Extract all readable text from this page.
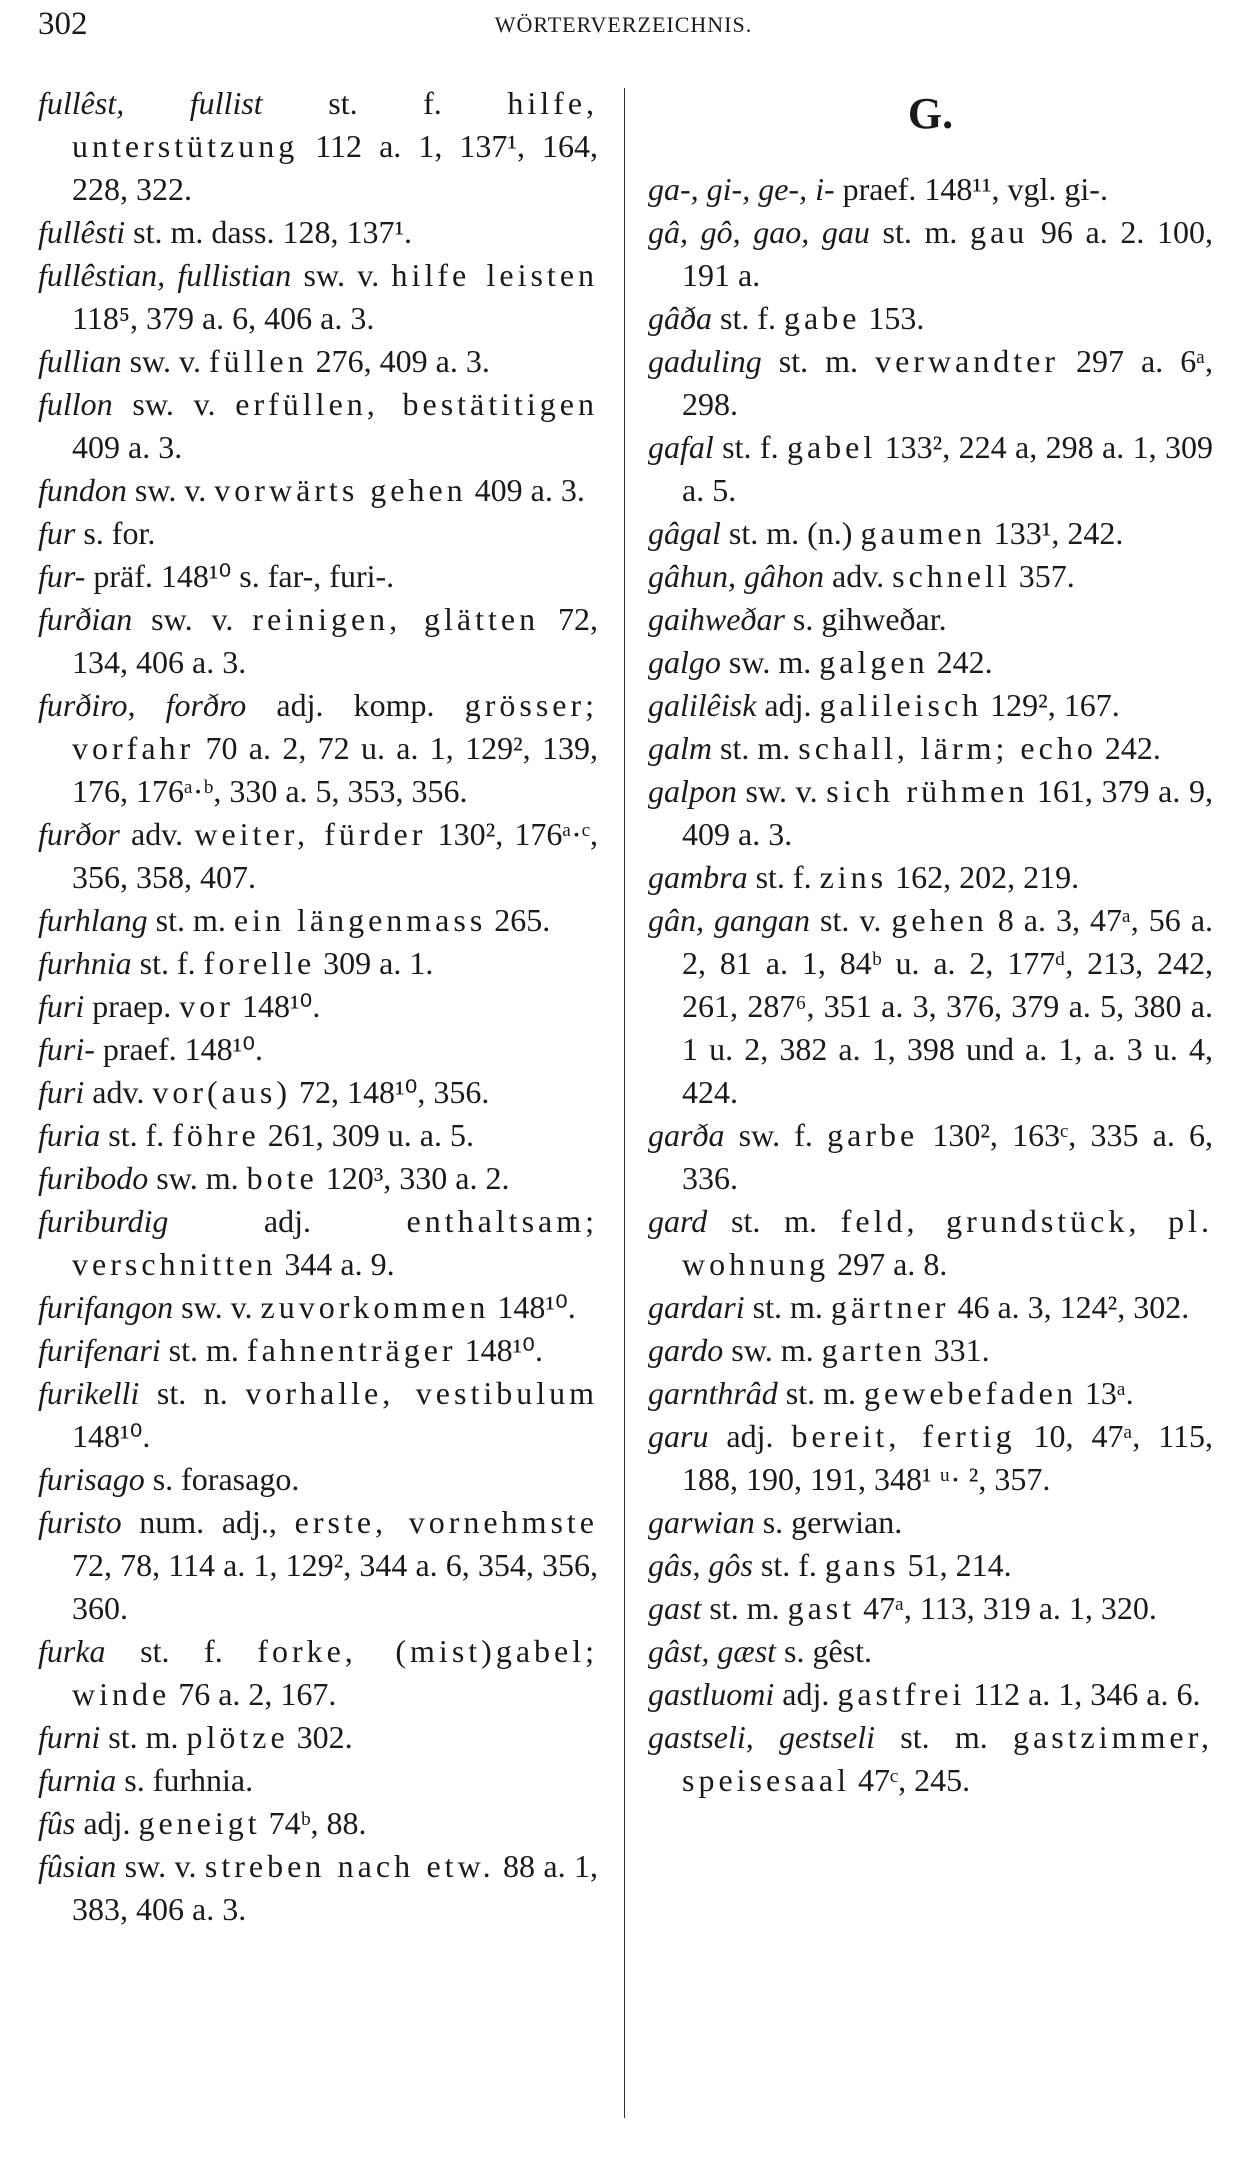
302	WÖRTERVERZEICHNIS.

fullêst, fullist st. f. hilfe, unterstützung 112 a. 1, 137¹, 164, 228, 322.

fullêsti st. m. dass. 128, 137¹.

fullêstian, fullistian sw. v. hilfe leisten 118⁵, 379 a. 6, 406 a. 3.

fullian sw. v. füllen 276, 409 a. 3.

fullon sw. v. erfüllen, bestätitigen 409 a. 3.

fundon sw. v. vorwärts gehen 409 a. 3.

fur s. for.

fur- präf. 148¹⁰ s. far-, furi-.

furðian sw. v. reinigen, glätten 72, 134, 406 a. 3.

furðiro, forðro adj. komp. grösser; vorfahr 70 a. 2, 72 u. a. 1, 129², 139, 176, 176ᵃ·ᵇ, 330 a. 5, 353, 356.

furðor adv. weiter, fürder 130², 176ᵃ·ᶜ, 356, 358, 407.

furhlang st. m. ein längenmass 265.

furhnia st. f. forelle 309 a. 1.

furi praep. vor 148¹⁰.

furi- praef. 148¹⁰.

furi adv. vor(aus) 72, 148¹⁰, 356.

furia st. f. föhre 261, 309 u. a. 5.

furibodo sw. m. bote 120³, 330 a. 2.

furiburdig adj. enthaltsam; verschnitten 344 a. 9.

furifangon sw. v. zuvorkommen 148¹⁰.

furifenari st. m. fahnenträger 148¹⁰.

furikelli st. n. vorhalle, vestibulum 148¹⁰.

furisago s. forasago.

furisto num. adj., erste, vornehmste 72, 78, 114 a. 1, 129², 344 a. 6, 354, 356, 360.

furka st. f. forke, (mist)gabel; winde 76 a. 2, 167.

furni st. m. plötze 302.

furnia s. furhnia.

fûs adj. geneigt 74ᵇ, 88.

fûsian sw. v. streben nach etw. 88 a. 1, 383, 406 a. 3.

G.

ga-, gi-, ge-, i- praef. 148¹¹, vgl. gi-.

gâ, gô, gao, gau st. m. gau 96 a. 2. 100, 191 a.

gâða st. f. gabe 153.

gaduling st. m. verwandter 297 a. 6ᵃ, 298.

gafal st. f. gabel 133², 224 a, 298 a. 1, 309 a. 5.

gâgal st. m. (n.) gaumen 133¹, 242.

gâhun, gâhon adv. schnell 357.

gaihweðar s. gihweðar.

galgo sw. m. galgen 242.

galilêisk adj. galileisch 129², 167.

galm st. m. schall, lärm; echo 242.

galpon sw. v. sich rühmen 161, 379 a. 9, 409 a. 3.

gambra st. f. zins 162, 202, 219.

gân, gangan st. v. gehen 8 a. 3, 47ᵃ, 56 a. 2, 81 a. 1, 84ᵇ u. a. 2, 177ᵈ, 213, 242, 261, 287⁶, 351 a. 3, 376, 379 a. 5, 380 a. 1 u. 2, 382 a. 1, 398 und a. 1, a. 3 u. 4, 424.

garða sw. f. garbe 130², 163ᶜ, 335 a. 6, 336.

gard st. m. feld, grundstück, pl. wohnung 297 a. 8.

gardari st. m. gärtner 46 a. 3, 124², 302.

gardo sw. m. garten 331.

garnthrâd st. m. gewebefaden 13ᵃ.

garu adj. bereit, fertig 10, 47ᵃ, 115, 188, 190, 191, 348¹ ᵘ· ², 357.

garwian s. gerwian.

gâs, gôs st. f. gans 51, 214.

gast st. m. gast 47ᵃ, 113, 319 a. 1, 320.

gâst, gæst s. gêst.

gastluomi adj. gastfrei 112 a. 1, 346 a. 6.

gastseli, gestseli st. m. gastzimmer, speisesaal 47ᶜ, 245.
